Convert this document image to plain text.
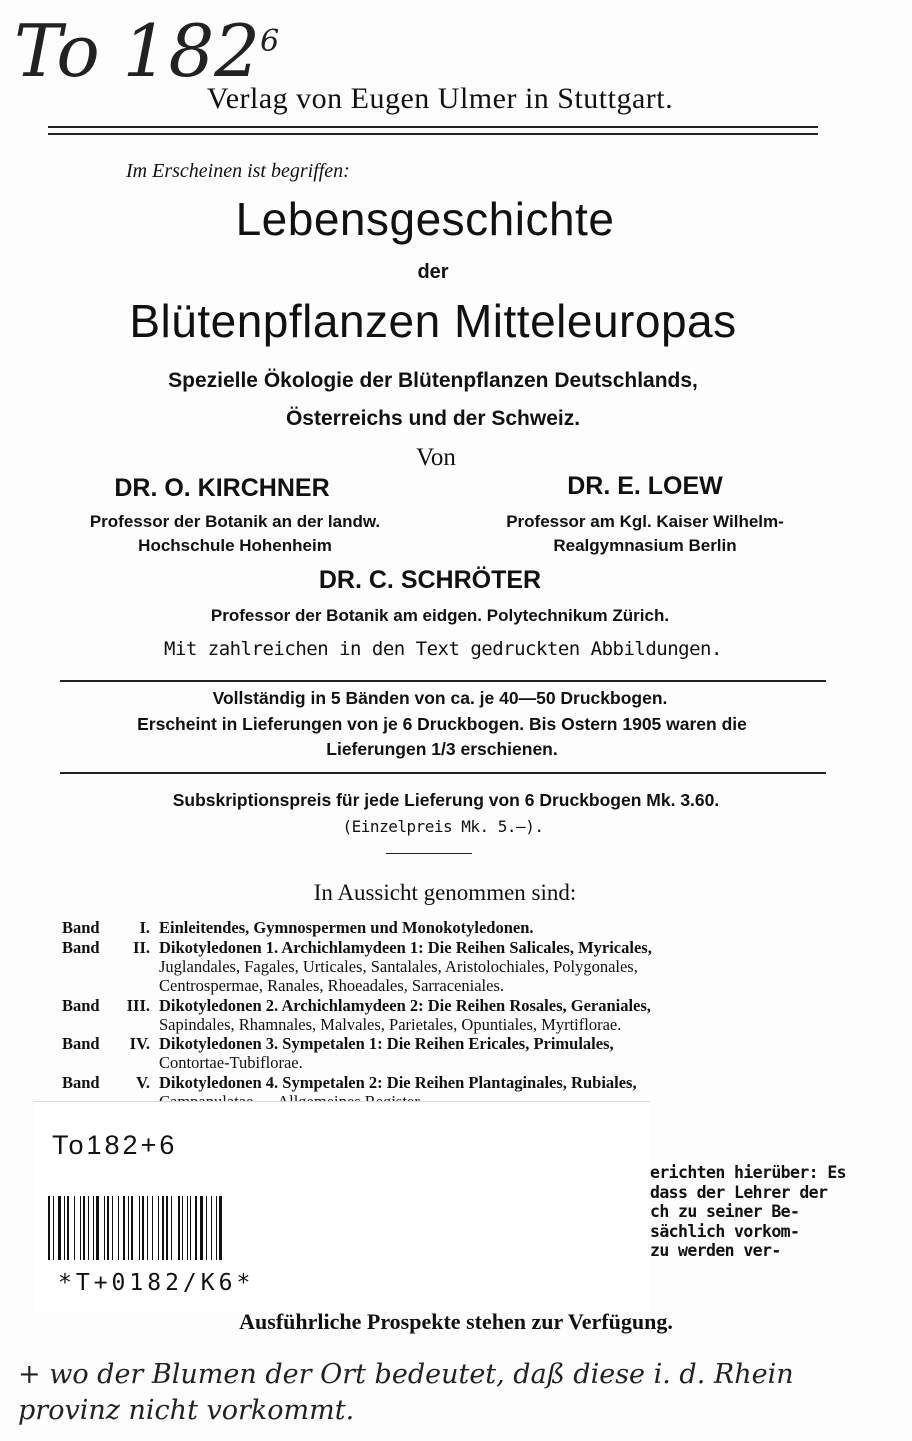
To $182^6$
Verlag von Eugen Ulmer in Stuttgart.
Im Erscheinen ist begriffen:
Lebensgeschichte
der
Blütenpflanzen Mitteleuropas
Spezielle Ökologie der Blütenpflanzen Deutschlands,
Österreichs und der Schweiz.
Von
DR. O. KIRCHNER
Professor der Botanik an der landw.
Hochschule Hohenheim
DR. E. LOEW
Professor am Kgl. Kaiser Wilhelm-
Realgymnasium Berlin
DR. C. SCHRÖTER
Professor der Botanik am eidgen. Polytechnikum Zürich.
Mit zahlreichen in den Text gedruckten Abbildungen.
Vollständig in 5 Bänden von ca. je 40—50 Druckbogen.
Erscheint in Lieferungen von je 6 Druckbogen. Bis Ostern 1905 waren die
Lieferungen 1/3 erschienen.
Subskriptionspreis für jede Lieferung von 6 Druckbogen Mk. 3.60.
(Einzelpreis Mk. 5.—).
In Aussicht genommen sind:
Band	I. Einleitendes, Gymnospermen und Monokotyledonen.
Band	II. Dikotyledonen 1. Archichlamydeen 1: Die Reihen Salicales, Myricales,
Juglandales, Fagales, Urticales, Santalales, Aristolochiales, Polygonales,
Centrospermae, Ranales, Rhoeadales, Sarraceniales.
Band	III. Dikotyledonen 2. Archichlamydeen 2: Die Reihen Rosales, Geraniales,
Sapindales, Rhamnales, Malvales, Parietales, Opuntiales, Myrtiflorae.
Band	IV. Dikotyledonen 3. Sympetalen 1: Die Reihen Ericales, Primulales,
Contortae-Tubiflorae.
Band	V. Dikotyledonen 4. Sympetalen 2: Die Reihen Plantaginales, Rubiales,
To182+6
*T+0182/K6*
erichten hierüber: Es
dass der Lehrer der
ch zu seiner Be-
sächlich vorkom-
zu werden ver-
Ausführliche Prospekte stehen zur Verfügung.
+ wo der Blumen der Ort bedeutet, daß diese i. d. Rhein provinz nicht vorkommt.
